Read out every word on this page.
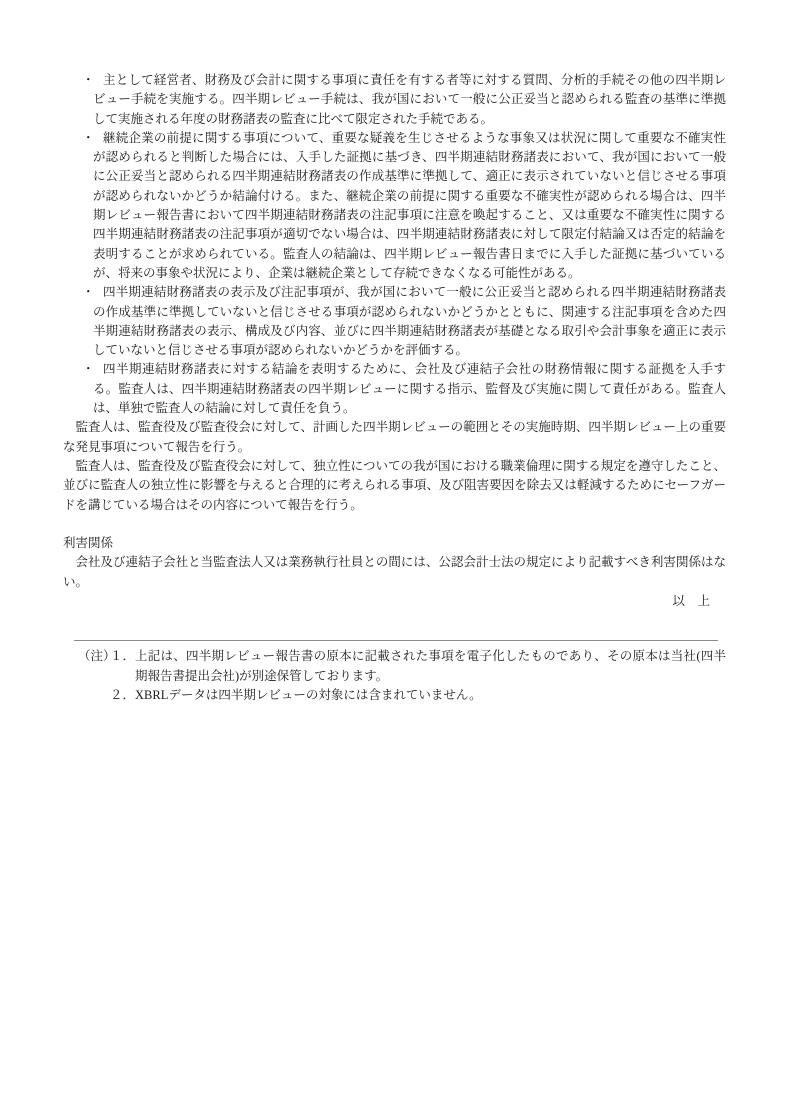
・ 主として経営者、財務及び会計に関する事項に責任を有する者等に対する質問、分析的手続その他の四半期レビュー手続を実施する。四半期レビュー手続は、我が国において一般に公正妥当と認められる監査の基準に準拠して実施される年度の財務諸表の監査に比べて限定された手続である。
・ 継続企業の前提に関する事項について、重要な疑義を生じさせるような事象又は状況に関して重要な不確実性が認められると判断した場合には、入手した証拠に基づき、四半期連結財務諸表において、我が国において一般に公正妥当と認められる四半期連結財務諸表の作成基準に準拠して、適正に表示されていないと信じさせる事項が認められないかどうか結論付ける。また、継続企業の前提に関する重要な不確実性が認められる場合は、四半期レビュー報告書において四半期連結財務諸表の注記事項に注意を喚起すること、又は重要な不確実性に関する四半期連結財務諸表の注記事項が適切でない場合は、四半期連結財務諸表に対して限定付結論又は否定的結論を表明することが求められている。監査人の結論は、四半期レビュー報告書日までに入手した証拠に基づいているが、将来の事象や状況により、企業は継続企業として存続できなくなる可能性がある。
・ 四半期連結財務諸表の表示及び注記事項が、我が国において一般に公正妥当と認められる四半期連結財務諸表の作成基準に準拠していないと信じさせる事項が認められないかどうかとともに、関連する注記事項を含めた四半期連結財務諸表の表示、構成及び内容、並びに四半期連結財務諸表が基礎となる取引や会計事象を適正に表示していないと信じさせる事項が認められないかどうかを評価する。
・ 四半期連結財務諸表に対する結論を表明するために、会社及び連結子会社の財務情報に関する証拠を入手する。監査人は、四半期連結財務諸表の四半期レビューに関する指示、監督及び実施に関して責任がある。監査人は、単独で監査人の結論に対して責任を負う。

監査人は、監査役及び監査役会に対して、計画した四半期レビューの範囲とその実施時期、四半期レビュー上の重要な発見事項について報告を行う。

監査人は、監査役及び監査役会に対して、独立性についての我が国における職業倫理に関する規定を遵守したこと、並びに監査人の独立性に影響を与えると合理的に考えられる事項、及び阻害要因を除去又は軽減するためにセーフガードを講じている場合はその内容について報告を行う。

利害関係

会社及び連結子会社と当監査法人又は業務執行社員との間には、公認会計士法の規定により記載すべき利害関係はない。

以　上
（注）
１． 上記は、四半期レビュー報告書の原本に記載された事項を電子化したものであり、その原本は当社(四半期報告書提出会社)が別途保管しております。
２． XBRLデータは四半期レビューの対象には含まれていません。
